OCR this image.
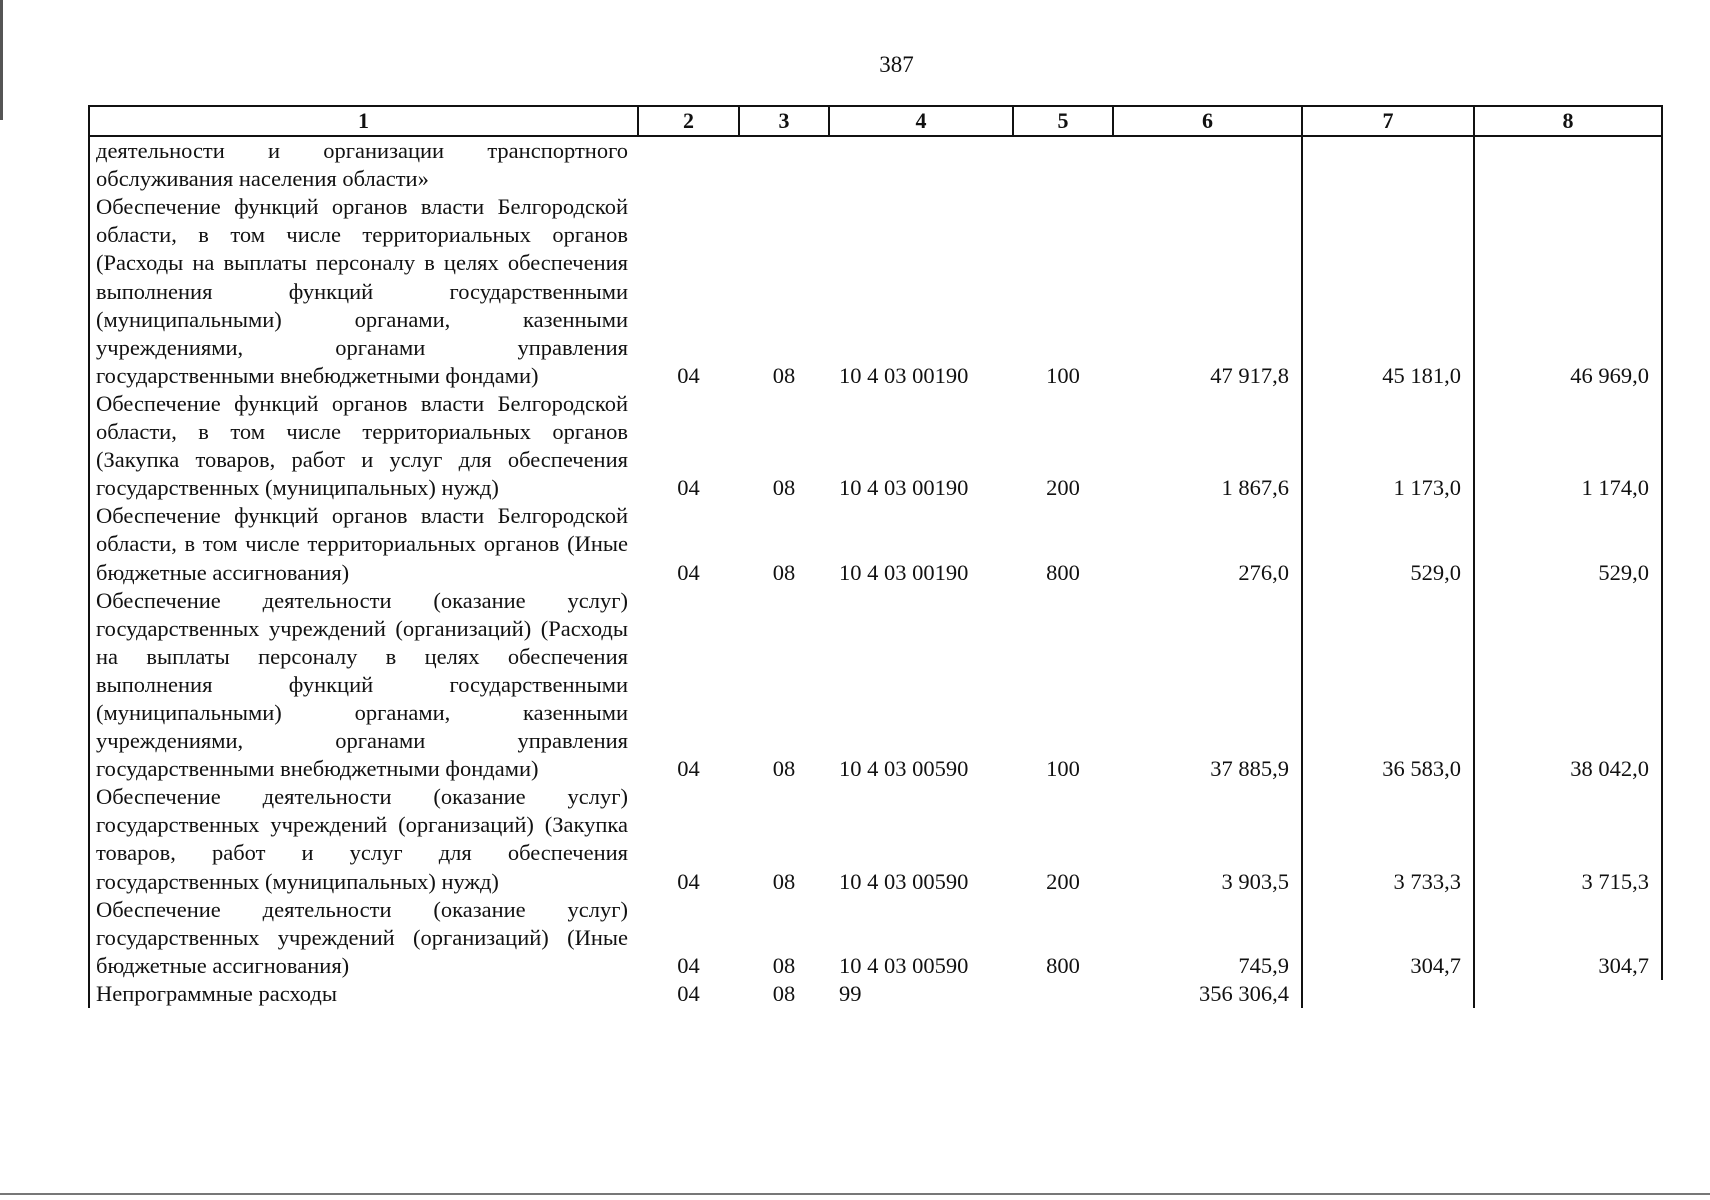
387
1	2	3	4	5	6	7	8
деятельности и организации транспортного обслуживания населения области»							
Обеспечение функций органов власти Белгородской области, в том числе территориальных органов (Расходы на выплаты персоналу в целях обеспечения выполнения функций государственными (муниципальными) органами, казенными учреждениями, органами управления государственными внебюджетными фондами)	04	08	10 4 03 00190	100	47 917,8	45 181,0	46 969,0
Обеспечение функций органов власти Белгородской области, в том числе территориальных органов (Закупка товаров, работ и услуг для обеспечения государственных (муниципальных) нужд)	04	08	10 4 03 00190	200	1 867,6	1 173,0	1 174,0
Обеспечение функций органов власти Белгородской области, в том числе территориальных органов (Иные бюджетные ассигнования)	04	08	10 4 03 00190	800	276,0	529,0	529,0
Обеспечение деятельности (оказание услуг) государственных учреждений (организаций) (Расходы на выплаты персоналу в целях обеспечения выполнения функций государственными (муниципальными) органами, казенными учреждениями, органами управления государственными внебюджетными фондами)	04	08	10 4 03 00590	100	37 885,9	36 583,0	38 042,0
Обеспечение деятельности (оказание услуг) государственных учреждений (организаций) (Закупка товаров, работ и услуг для обеспечения государственных (муниципальных) нужд)	04	08	10 4 03 00590	200	3 903,5	3 733,3	3 715,3
Обеспечение деятельности (оказание услуг) государственных учреждений (организаций) (Иные бюджетные ассигнования)	04	08	10 4 03 00590	800	745,9	304,7	304,7
Непрограммные расходы	04	08	99		356 306,4		
